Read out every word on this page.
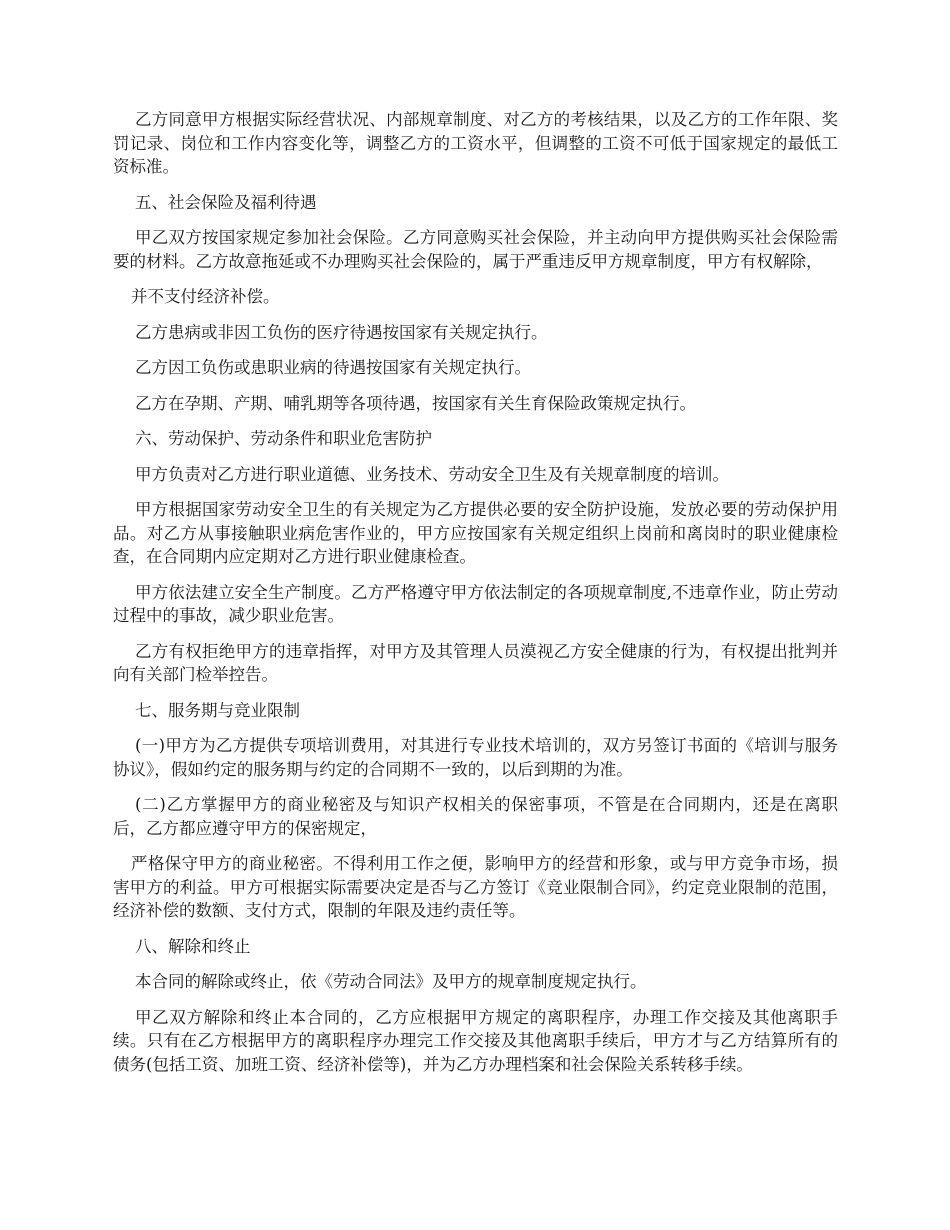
乙方同意甲方根据实际经营状况、内部规章制度、对乙方的考核结果，以及乙方的工作年限、奖罚记录、岗位和工作内容变化等，调整乙方的工资水平，但调整的工资不可低于国家规定的最低工资标准。

五、社会保险及福利待遇

甲乙双方按国家规定参加社会保险。乙方同意购买社会保险，并主动向甲方提供购买社会保险需要的材料。乙方故意拖延或不办理购买社会保险的，属于严重违反甲方规章制度，甲方有权解除，

并不支付经济补偿。

乙方患病或非因工负伤的医疗待遇按国家有关规定执行。

乙方因工负伤或患职业病的待遇按国家有关规定执行。

乙方在孕期、产期、哺乳期等各项待遇，按国家有关生育保险政策规定执行。

六、劳动保护、劳动条件和职业危害防护

甲方负责对乙方进行职业道德、业务技术、劳动安全卫生及有关规章制度的培训。

甲方根据国家劳动安全卫生的有关规定为乙方提供必要的安全防护设施，发放必要的劳动保护用品。对乙方从事接触职业病危害作业的，甲方应按国家有关规定组织上岗前和离岗时的职业健康检查，在合同期内应定期对乙方进行职业健康检查。

甲方依法建立安全生产制度。乙方严格遵守甲方依法制定的各项规章制度,不违章作业，防止劳动过程中的事故，减少职业危害。

乙方有权拒绝甲方的违章指挥，对甲方及其管理人员漠视乙方安全健康的行为，有权提出批判并向有关部门检举控告。

七、服务期与竞业限制

(一)甲方为乙方提供专项培训费用，对其进行专业技术培训的，双方另签订书面的《培训与服务协议》，假如约定的服务期与约定的合同期不一致的，以后到期的为准。

(二)乙方掌握甲方的商业秘密及与知识产权相关的保密事项，不管是在合同期内，还是在离职后，乙方都应遵守甲方的保密规定，

严格保守甲方的商业秘密。不得利用工作之便，影响甲方的经营和形象，或与甲方竞争市场，损害甲方的利益。甲方可根据实际需要决定是否与乙方签订《竞业限制合同》，约定竞业限制的范围，经济补偿的数额、支付方式，限制的年限及违约责任等。

八、解除和终止

本合同的解除或终止，依《劳动合同法》及甲方的规章制度规定执行。

甲乙双方解除和终止本合同的，乙方应根据甲方规定的离职程序，办理工作交接及其他离职手续。只有在乙方根据甲方的离职程序办理完工作交接及其他离职手续后，甲方才与乙方结算所有的债务(包括工资、加班工资、经济补偿等)，并为乙方办理档案和社会保险关系转移手续。
